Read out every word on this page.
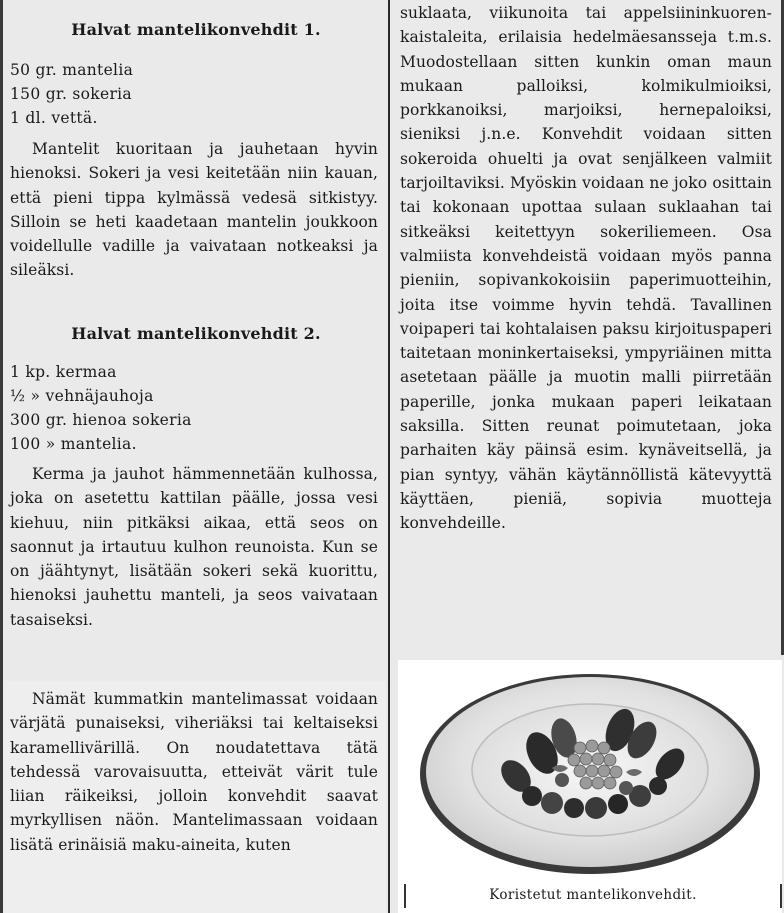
Halvat mantelikonvehdit 1.
50 gr. mantelia
150 gr. sokeria
1 dl. vettä.
Mantelit kuoritaan ja jauhetaan hyvin hienoksi. Sokeri ja vesi keitetään niin kauan, että pieni tippa kylmässä vedesä sitkistyy. Silloin se heti kaadetaan mantelin joukkoon voidellulle vadille ja vaivataan notkeaksi ja sileäksi.
Halvat mantelikonvehdit 2.
1 kp. kermaa
½ » vehnäjauhoja
300 gr. hienoa sokeria
100 » mantelia.
Kerma ja jauhot hämmennetään kulhossa, joka on asetettu kattilan päälle, jossa vesi kiehuu, niin pitkäksi aikaa, että seos on saonnut ja irtautuu kulhon reunoista. Kun se on jäähtynyt, lisätään sokeri sekä kuorittu, hienoksi jauhettu manteli, ja seos vaivataan tasaiseksi.
Nämät kummatkin mantelimassat voidaan värjätä punaiseksi, viheriäksi tai keltaiseksi karamellivärillä. On noudatettava tätä tehdessä varovaisuutta, etteivät värit tule liian räikeiksi, jolloin konvehdit saavat myrkyllisen näön. Mantelimassaan voidaan lisätä erinäisiä maku-aineita, kuten
suklaata, viikunoita tai appelsiininkuoren-kaistaleita, erilaisia hedelmäesansseja t.m.s. Muodostellaan sitten kunkin oman maun mukaan palloiksi, kolmikulmioiksi, porkkanoiksi, marjoiksi, hernepaloiksi, sieniksi j.n.e. Konvehdit voidaan sitten sokeroida ohuelti ja ovat senjälkeen valmiit tarjoiltaviksi. Myöskin voidaan ne joko osittain tai kokonaan upottaa sulaan suklaahan tai sitkeäksi keitettyyn sokeriliemeen. Osa valmiista konvehdeistä voidaan myös panna pieniin, sopivankokoisiin paperimuotteihin, joita itse voimme hyvin tehdä. Tavallinen voipaperi tai kohtalaisen paksu kirjoituspaperi taitetaan moninkertaiseksi, ympyriäinen mitta asetetaan päälle ja muotin malli piirretään paperille, jonka mukaan paperi leikataan saksilla. Sitten reunat poimutetaan, joka parhaiten käy päinsä esim. kynäveitsellä, ja pian syntyy, vähän käytännöllistä kätevyyttä käyttäen, pieniä, sopivia muotteja konvehdeille.
Koristetut mantelikonvehdit.
